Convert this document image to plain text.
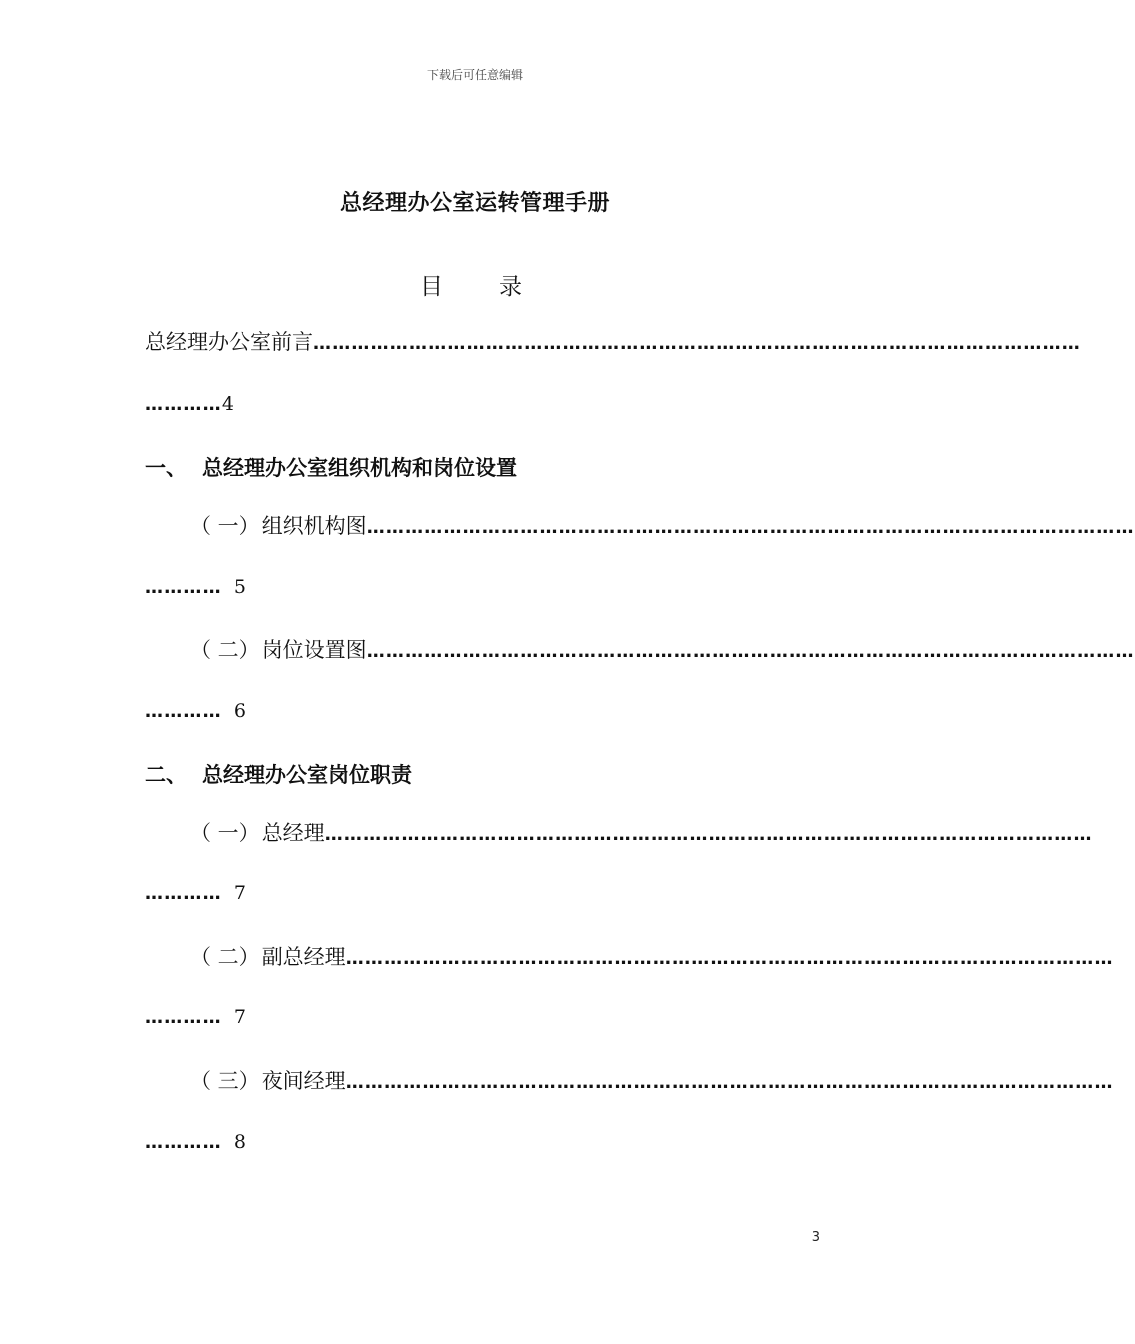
下载后可任意编辑
总经理办公室运转管理手册
目 录
总经理办公室前言 …………………………………………………………………………………………………………
………… 4
一、 总经理办公室组织机构和岗位设置
（ 一） 组织机构图 …………………………………………………………………………………………………………
………… 5
（ 二） 岗位设置图 …………………………………………………………………………………………………………
………… 6
二、 总经理办公室岗位职责
（ 一） 总经理 …………………………………………………………………………………………………………
………… 7
（ 二） 副总经理 …………………………………………………………………………………………………………
………… 7
（ 三） 夜间经理 …………………………………………………………………………………………………………
………… 8
3
